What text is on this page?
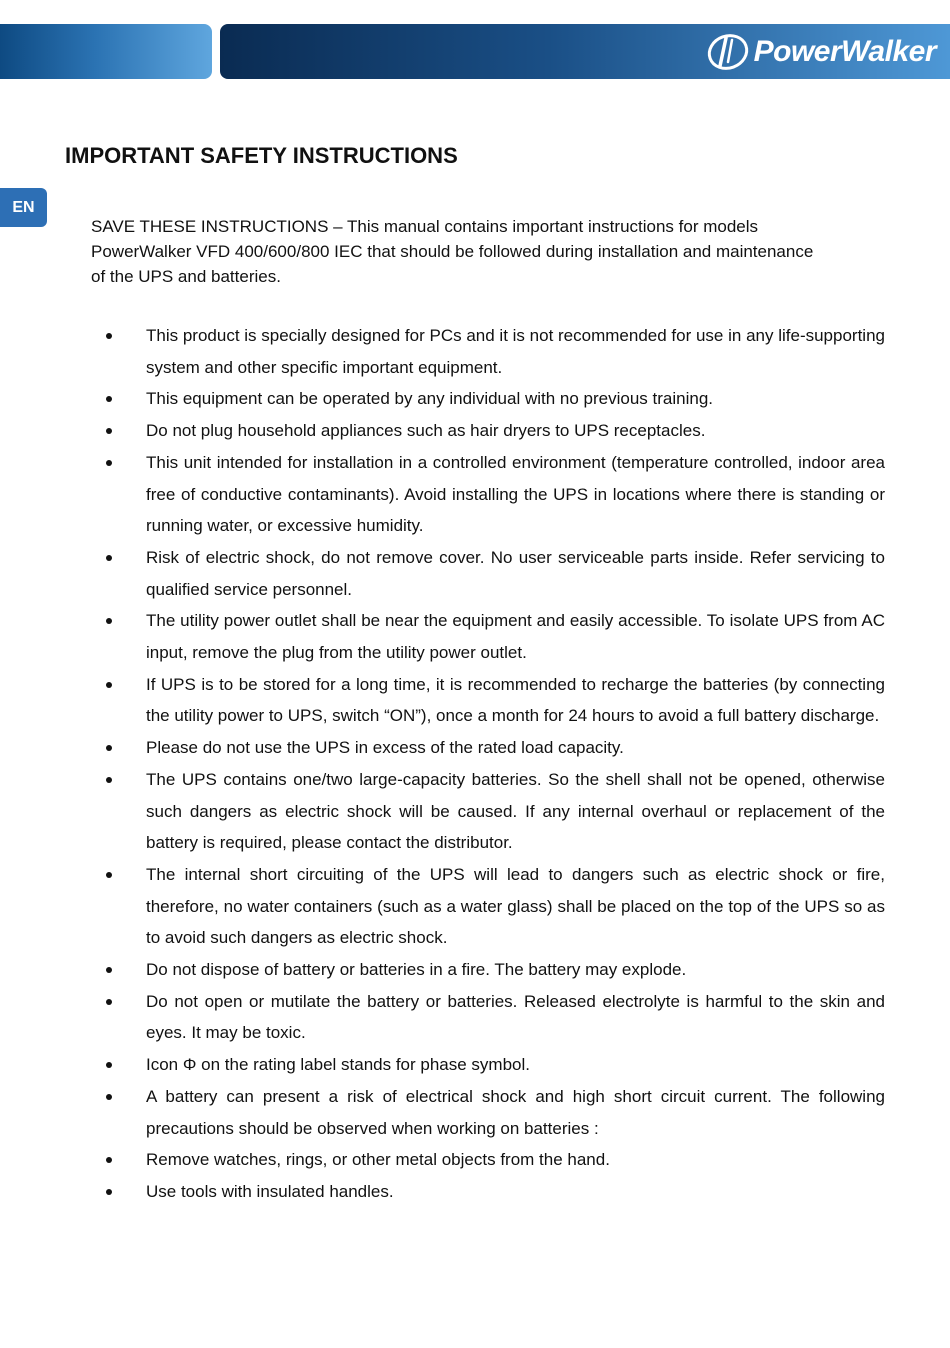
PowerWalker
EN
IMPORTANT SAFETY INSTRUCTIONS

SAVE THESE INSTRUCTIONS – This manual contains important instructions for models PowerWalker VFD 400/600/800 IEC that should be followed during installation and maintenance of the UPS and batteries.

This product is specially designed for PCs and it is not recommended for use in any life-supporting system and other specific important equipment.
This equipment can be operated by any individual with no previous training.
Do not plug household appliances such as hair dryers to UPS receptacles.
This unit intended for installation in a controlled environment (temperature controlled, indoor area free of conductive contaminants). Avoid installing the UPS in locations where there is standing or running water, or excessive humidity.
Risk of electric shock, do not remove cover. No user serviceable parts inside. Refer servicing to qualified service personnel.
The utility power outlet shall be near the equipment and easily accessible. To isolate UPS from AC input, remove the plug from the utility power outlet.
If UPS is to be stored for a long time, it is recommended to recharge the batteries (by connecting the utility power to UPS, switch “ON”), once a month for 24 hours to avoid a full battery discharge.
Please do not use the UPS in excess of the rated load capacity.
The UPS contains one/two large-capacity batteries. So the shell shall not be opened, otherwise such dangers as electric shock will be caused. If any internal overhaul or replacement of the battery is required, please contact the distributor.
The internal short circuiting of the UPS will lead to dangers such as electric shock or fire, therefore, no water containers (such as a water glass) shall be placed on the top of the UPS so as to avoid such dangers as electric shock.
Do not dispose of battery or batteries in a fire. The battery may explode.
Do not open or mutilate the battery or batteries. Released electrolyte is harmful to the skin and eyes. It may be toxic.
Icon Φ on the rating label stands for phase symbol.
A battery can present a risk of electrical shock and high short circuit current. The following precautions should be observed when working on batteries :
Remove watches, rings, or other metal objects from the hand.
Use tools with insulated handles.
